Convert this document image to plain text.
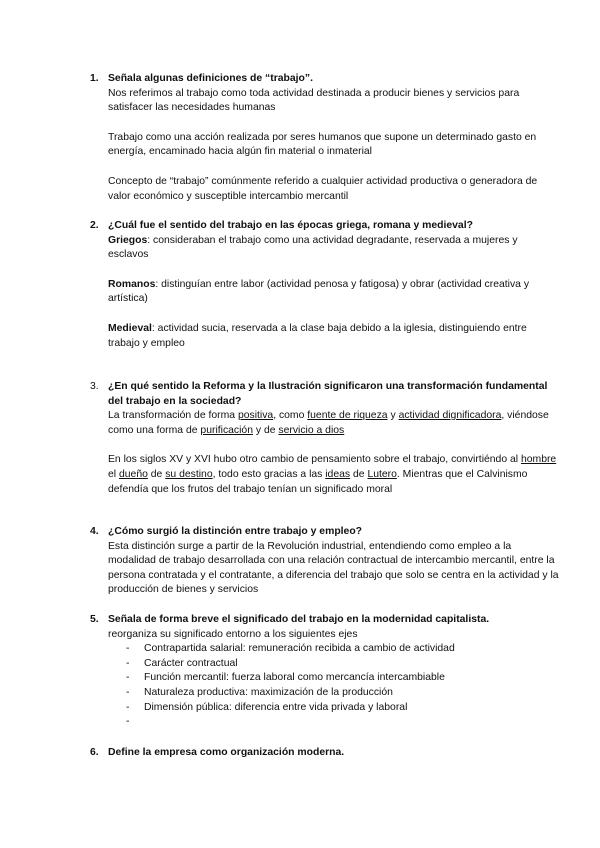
1. Señala algunas definiciones de “trabajo”.

Nos referimos al trabajo como toda actividad destinada a producir bienes y servicios para satisfacer las necesidades humanas

Trabajo como una acción realizada por seres humanos que supone un determinado gasto en energía, encaminado hacia algún fin material o inmaterial

Concepto de “trabajo” comúnmente referido a cualquier actividad productiva o generadora de valor económico y susceptible intercambio mercantil

2. ¿Cuál fue el sentido del trabajo en las épocas griega, romana y medieval?

Griegos: consideraban el trabajo como una actividad degradante, reservada a mujeres y esclavos

Romanos: distinguían entre labor (actividad penosa y fatigosa) y obrar (actividad creativa y artística)

Medieval: actividad sucia, reservada a la clase baja debido a la iglesia, distinguiendo entre trabajo y empleo

3. ¿En qué sentido la Reforma y la Ilustración significaron una transformación fundamental del trabajo en la sociedad?

La transformación de forma positiva, como fuente de riqueza y actividad dignificadora, viéndose como una forma de purificación y de servicio a dios

En los siglos XV y XVI hubo otro cambio de pensamiento sobre el trabajo, convirtiéndo al hombre el dueño de su destino, todo esto gracias a las ideas de Lutero. Mientras que el Calvinismo defendía que los frutos del trabajo tenían un significado moral

4. ¿Cómo surgió la distinción entre trabajo y empleo?

Esta distinción surge a partir de la Revolución industrial, entendiendo como empleo a la modalidad de trabajo desarrollada con una relación contractual de intercambio mercantil, entre la persona contratada y el contratante, a diferencia del trabajo que solo se centra en la actividad y la producción de bienes y servicios

5. Señala de forma breve el significado del trabajo en la modernidad capitalista.

reorganiza su significado entorno a los siguientes ejes

- Contrapartida salarial: remuneración recibida a cambio de actividad
- Carácter contractual
- Función mercantil: fuerza laboral como mercancía intercambiable
- Naturaleza productiva: maximización de la producción
- Dimensión pública: diferencia entre vida privada y laboral
6. Define la empresa como organización moderna.
